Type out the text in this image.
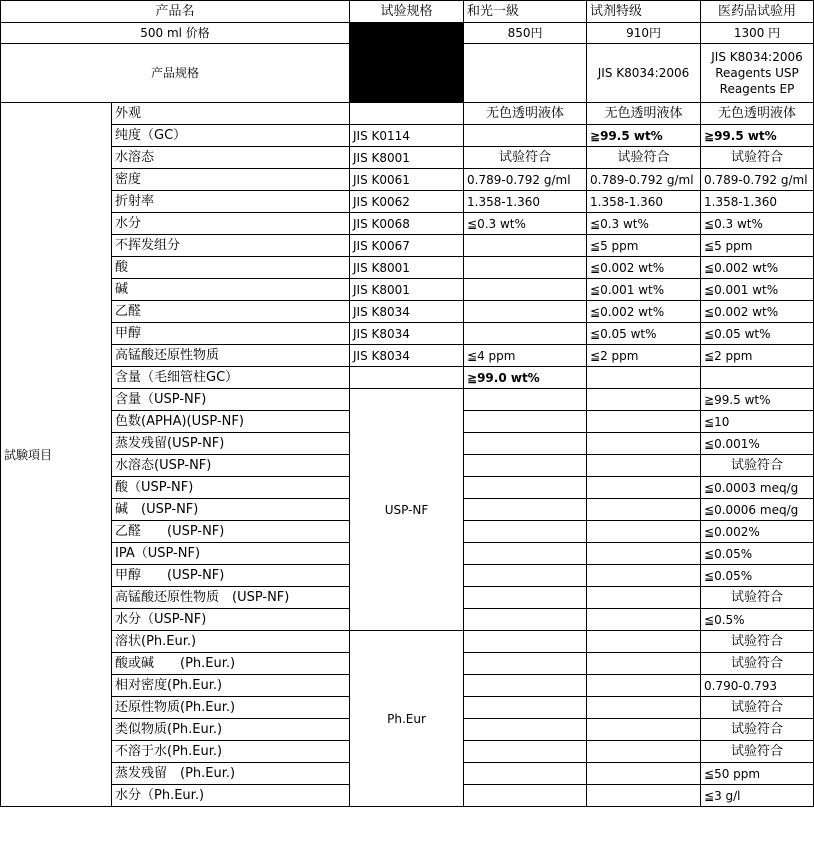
产品名		试验规格	和光一級	试剂特级	医药品试验用
500 ml 价格			850円	910円	1300 円
产品规格				JIS K8034:2006	JIS K8034:2006 Reagents USP Reagents EP
試験項目	外观		无色透明液体	无色透明液体	无色透明液体
	纯度（GC）	JIS K0114		≧99.5 wt%	≧99.5 wt%
	水溶态	JIS K8001	试验符合	试验符合	试验符合
	密度	JIS K0061	0.789-0.792 g/ml	0.789-0.792 g/ml	0.789-0.792 g/ml
	折射率	JIS K0062	1.358-1.360	1.358-1.360	1.358-1.360
	水分	JIS K0068	≦0.3 wt%	≦0.3 wt%	≦0.3 wt%
	不挥发组分	JIS K0067		≦5 ppm	≦5 ppm
	酸	JIS K8001		≦0.002 wt%	≦0.002 wt%
	碱	JIS K8001		≦0.001 wt%	≦0.001 wt%
	乙醛	JIS K8034		≦0.002 wt%	≦0.002 wt%
	甲醇	JIS K8034		≦0.05 wt%	≦0.05 wt%
	高锰酸还原性物质	JIS K8034	≦4 ppm	≦2 ppm	≦2 ppm
	含量（毛细管柱GC）		≧99.0 wt%		
	含量（USP-NF)	USP-NF			≧99.5 wt%
	色数(APHA)(USP-NF)				≦10
	蒸发残留(USP-NF)				≦0.001%
	水溶态(USP-NF)				试验符合
	酸（USP-NF)				≦0.0003 meq/g
	碱　(USP-NF)				≦0.0006 meq/g
	乙醛　　(USP-NF)				≦0.002%
	IPA（USP-NF)				≦0.05%
	甲醇　　(USP-NF)				≦0.05%
	高锰酸还原性物质　(USP-NF)				试验符合
	水分（USP-NF)				≦0.5%
	溶状(Ph.Eur.)	Ph.Eur			试验符合
	酸或碱　　(Ph.Eur.)				试验符合
	相对密度(Ph.Eur.)				0.790-0.793
	还原性物质(Ph.Eur.)				试验符合
	类似物质(Ph.Eur.)				试验符合
	不溶于水(Ph.Eur.)				试验符合
	蒸发残留　(Ph.Eur.)				≦50 ppm
	水分（Ph.Eur.)				≦3 g/l
